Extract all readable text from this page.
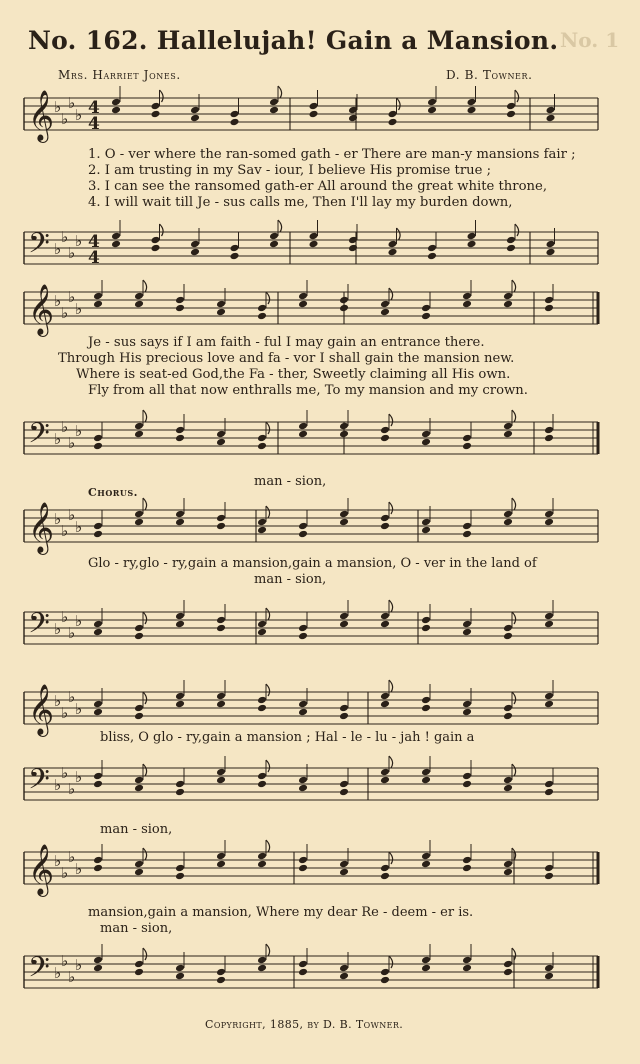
No. 162. Hallelujah! Gain a Mansion. No. 1
Mrs. Harriet Jones.	D. B. Towner.
𝄞 ♭
♭
♭
♭ 4
4
1. O - ver where the ran-somed gath - er There are man-y mansions fair ;
2. I am trusting in my Sav - iour, I believe His promise true ;
3. I can see the ransomed gath-er All around the great white throne,
4. I will wait till Je - sus calls me, Then I'll lay my burden down,
𝄢 ♭
♭
♭
♭ 4
4
𝄞 ♭
♭
♭
♭
Je - sus says if I am faith - ful I may gain an entrance there.
Through His precious love and fa - vor I shall gain the mansion new.
Where is seat-ed God,the Fa - ther, Sweetly claiming all His own.
Fly from all that now enthralls me, To my mansion and my crown.
𝄢 ♭
♭
♭
♭
man - sion,
Chorus.
𝄞 ♭
♭
♭
♭
Glo - ry,glo - ry,gain a mansion,gain a mansion, O - ver in the land of
man - sion,
𝄢 ♭
♭
♭
♭
𝄞 ♭
♭
♭
♭
bliss, O glo - ry,gain a mansion ; Hal - le - lu - jah ! gain a
𝄢 ♭
♭
♭
♭
man - sion,
𝄞 ♭
♭
♭
♭
mansion,gain a mansion, Where my dear Re - deem - er is.
man - sion,
𝄢 ♭
♭
♭
♭
Copyright, 1885, by D. B. Towner.
